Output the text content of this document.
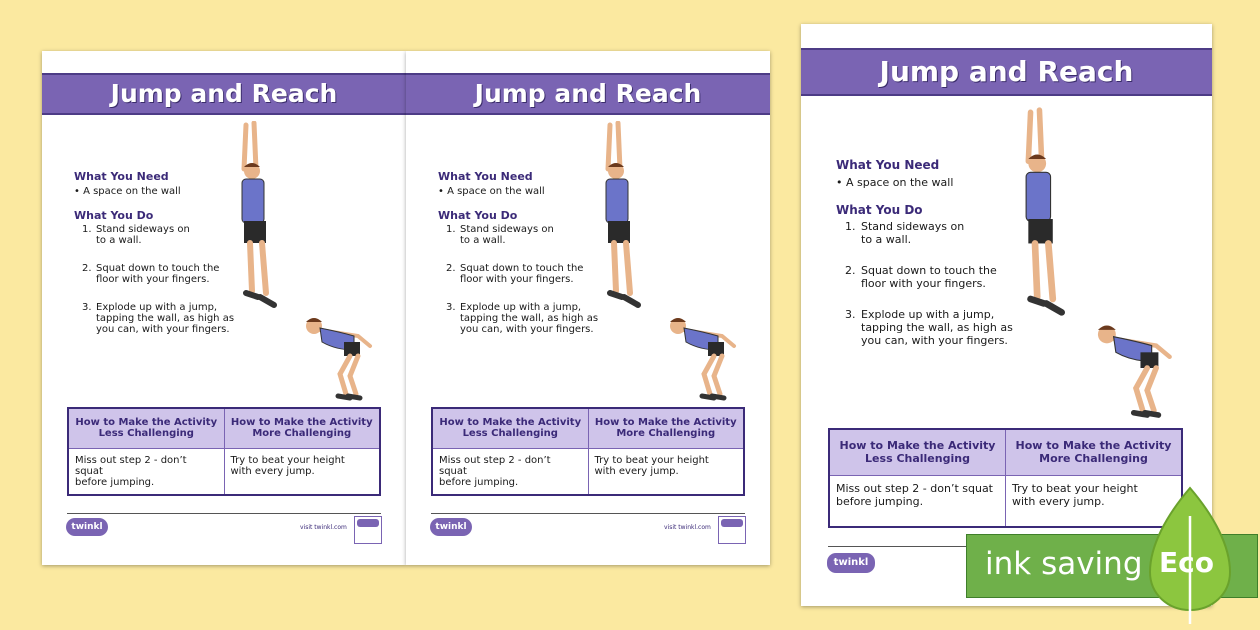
Jump and Reach
What You Need
• A space on the wall
What You Do
1. Stand sideways on
to a wall.
2. Squat down to touch the
floor with your fingers.
3. Explode up with a jump,
tapping the wall, as high as
you can, with your fingers.
How to Make the Activity
Less Challenging	How to Make the Activity
More Challenging
Miss out step 2 - don’t squat
before jumping.	Try to beat your height
with every jump.
twinkl	visit twinkl.com
Jump and Reach
What You Need
• A space on the wall
What You Do
1. Stand sideways on
to a wall.
2. Squat down to touch the
floor with your fingers.
3. Explode up with a jump,
tapping the wall, as high as
you can, with your fingers.
How to Make the Activity
Less Challenging	How to Make the Activity
More Challenging
Miss out step 2 - don’t squat
before jumping.	Try to beat your height
with every jump.
twinkl	visit twinkl.com
Jump and Reach
What You Need
• A space on the wall
What You Do
1. Stand sideways on
to a wall.
2. Squat down to touch the
floor with your fingers.
3. Explode up with a jump,
tapping the wall, as high as
you can, with your fingers.
How to Make the Activity
Less Challenging	How to Make the Activity
More Challenging
Miss out step 2 - don’t squat
before jumping.	Try to beat your height
with every jump.
twinkl	ink saving Eco
